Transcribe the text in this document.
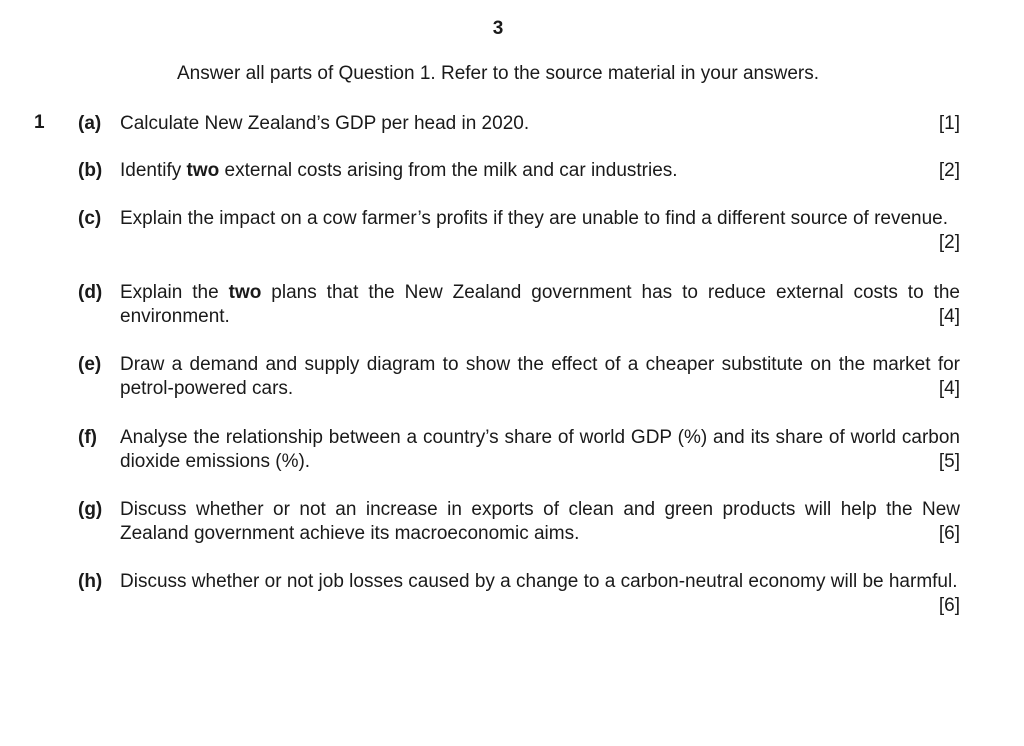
3
Answer all parts of Question 1. Refer to the source material in your answers.
1 (a) Calculate New Zealand’s GDP per head in 2020.	[1]
(b) Identify two external costs arising from the milk and car industries.	[2]
(c) Explain the impact on a cow farmer’s profits if they are unable to find a different source of revenue.
[2]
(d) Explain the two plans that the New Zealand government has to reduce external costs to the environment.	[4]
(e) Draw a demand and supply diagram to show the effect of a cheaper substitute on the market for petrol-powered cars.	[4]
(f) Analyse the relationship between a country’s share of world GDP (%) and its share of world carbon dioxide emissions (%).	[5]
(g) Discuss whether or not an increase in exports of clean and green products will help the New Zealand government achieve its macroeconomic aims.	[6]
(h) Discuss whether or not job losses caused by a change to a carbon-neutral economy will be harmful.
[6]
